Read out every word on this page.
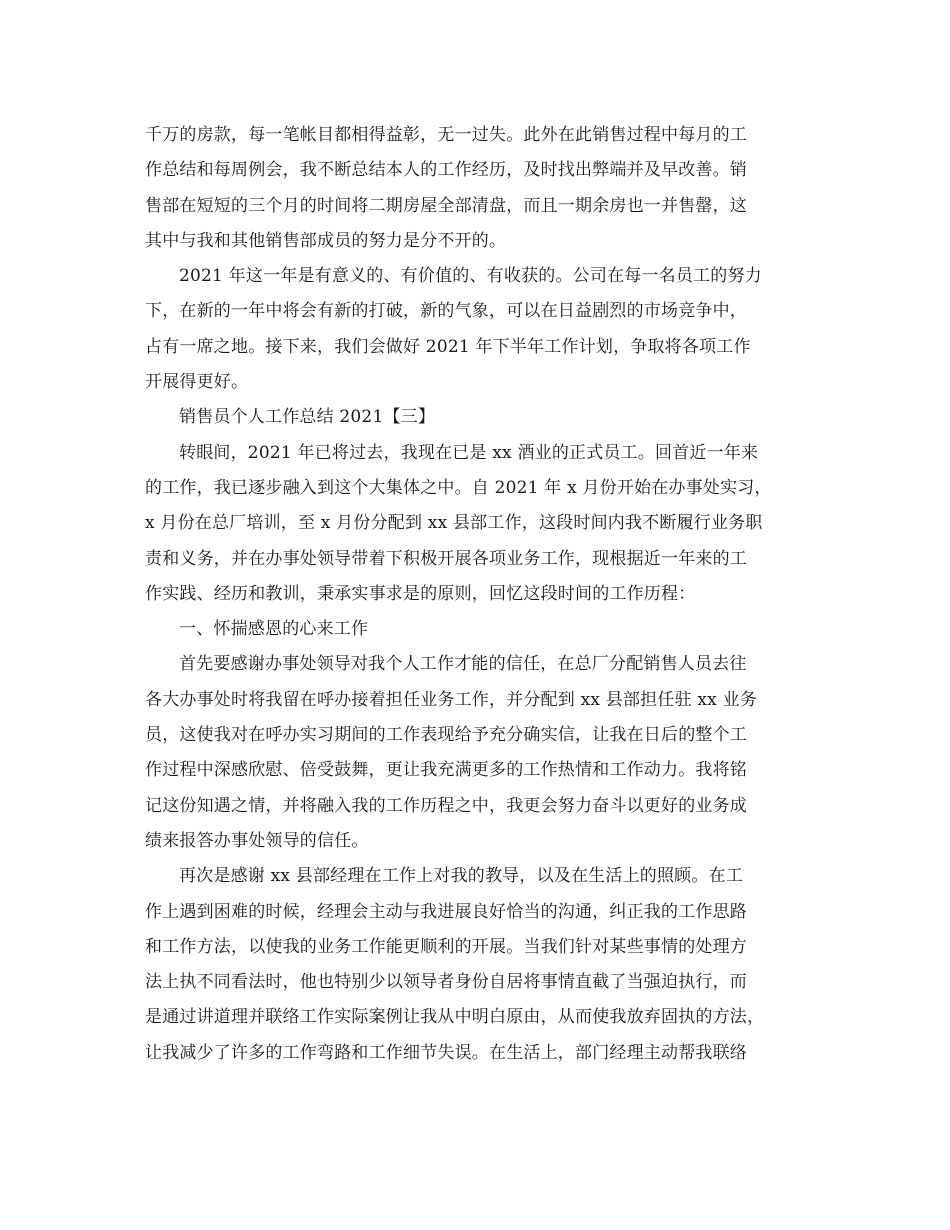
千万的房款，每一笔帐目都相得益彰，无一过失。此外在此销售过程中每月的工
作总结和每周例会，我不断总结本人的工作经历，及时找出弊端并及早改善。销
售部在短短的三个月的时间将二期房屋全部清盘，而且一期余房也一并售罄，这
其中与我和其他销售部成员的努力是分不开的。
2021 年这一年是有意义的、有价值的、有收获的。公司在每一名员工的努力
下，在新的一年中将会有新的打破，新的气象，可以在日益剧烈的市场竞争中，
占有一席之地。接下来，我们会做好 2021 年下半年工作计划，争取将各项工作
开展得更好。
销售员个人工作总结 2021【三】
转眼间，2021 年已将过去，我现在已是 xx 酒业的正式员工。回首近一年来
的工作，我已逐步融入到这个大集体之中。自 2021 年 x 月份开始在办事处实习，
x 月份在总厂培训，至 x 月份分配到 xx 县部工作，这段时间内我不断履行业务职
责和义务，并在办事处领导带着下积极开展各项业务工作，现根据近一年来的工
作实践、经历和教训，秉承实事求是的原则，回忆这段时间的工作历程：
一、怀揣感恩的心来工作
首先要感谢办事处领导对我个人工作才能的信任，在总厂分配销售人员去往
各大办事处时将我留在呼办接着担任业务工作，并分配到 xx 县部担任驻 xx 业务
员，这使我对在呼办实习期间的工作表现给予充分确实信，让我在日后的整个工
作过程中深感欣慰、倍受鼓舞，更让我充满更多的工作热情和工作动力。我将铭
记这份知遇之情，并将融入我的工作历程之中，我更会努力奋斗以更好的业务成
绩来报答办事处领导的信任。
再次是感谢 xx 县部经理在工作上对我的教导，以及在生活上的照顾。在工
作上遇到困难的时候，经理会主动与我进展良好恰当的沟通，纠正我的工作思路
和工作方法，以使我的业务工作能更顺利的开展。当我们针对某些事情的处理方
法上执不同看法时，他也特别少以领导者身份自居将事情直截了当强迫执行，而
是通过讲道理并联络工作实际案例让我从中明白原由，从而使我放弃固执的方法，
让我减少了许多的工作弯路和工作细节失误。在生活上，部门经理主动帮我联络
